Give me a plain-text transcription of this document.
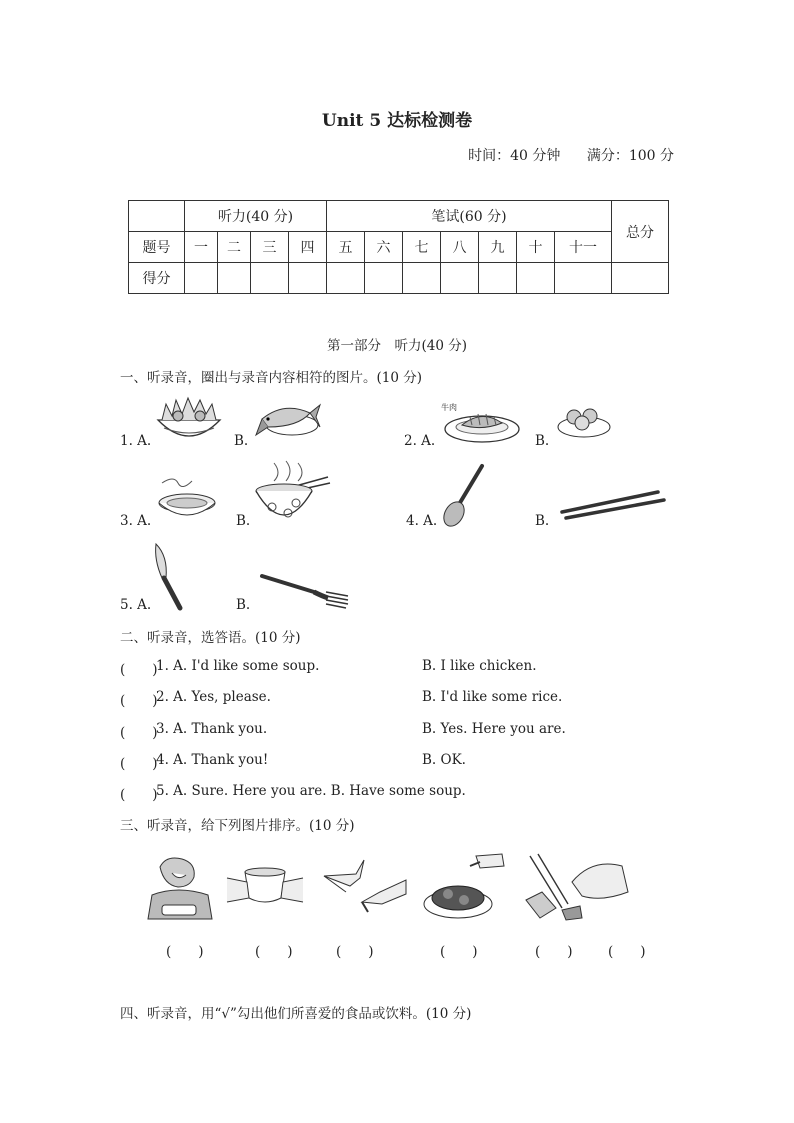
Unit 5 达标检测卷
时间：40 分钟 满分：100 分
	听力(40 分)				笔试(60 分)							总分
题号	一	二	三	四	五	六	七	八	九	十	十一	
得分												
第一部分　听力(40 分)
一、听录音，圈出与录音内容相符的图片。(10 分)
1. A.	B.	2. A.	B.
3. A.	B.	4. A.	B.
5. A.	B.
牛肉
二、听录音，选答语。(10 分)
(　　)
1. A. I'd like some soup.	B. I like chicken.
(　　)
2. A. Yes, please.	B. I'd like some rice.
(　　)
3. A. Thank you.	B. Yes. Here you are.
(　　)
4. A. Thank you!	B. OK.
(　　)
5. A. Sure. Here you are. B. Have some soup.
三、听录音，给下列图片排序。(10 分)
(　　)	(　　)	(　　)	(　　)	(　　)	(　　)
四、听录音，用“√”勾出他们所喜爱的食品或饮料。(10 分)
